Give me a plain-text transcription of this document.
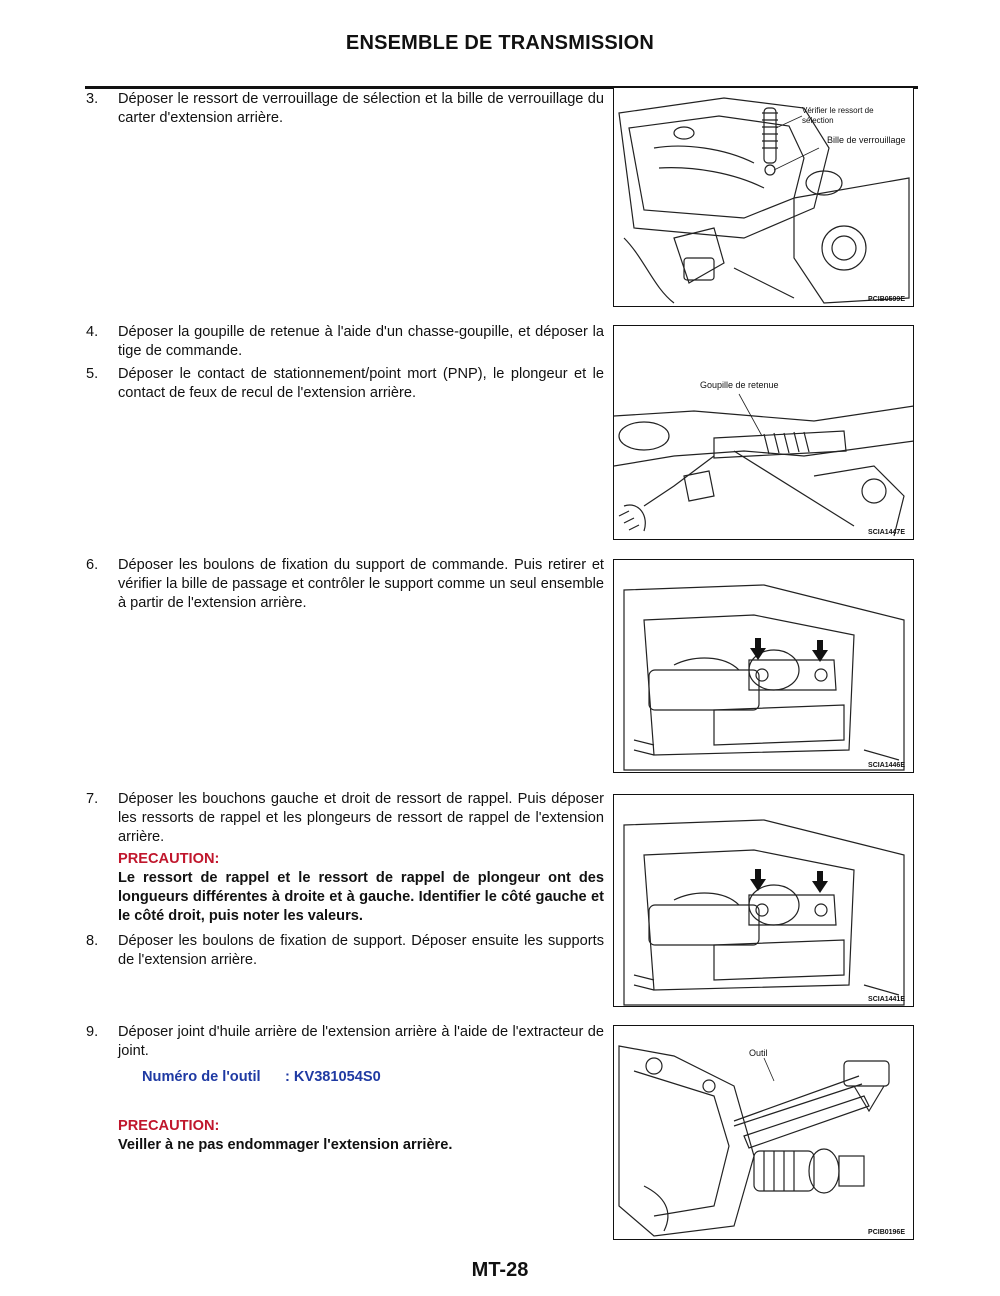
ENSEMBLE DE TRANSMISSION
3. Déposer le ressort de verrouillage de sélection et la bille de verrouillage du carter d'extension arrière.
4. Déposer la goupille de retenue à l'aide d'un chasse-goupille, et déposer la tige de commande.
5. Déposer le contact de stationnement/point mort (PNP), le plongeur et le contact de feux de recul de l'extension arrière.
6. Déposer les boulons de fixation du support de commande. Puis retirer et vérifier la bille de passage et contrôler le support comme un seul ensemble à partir de l'extension arrière.
7. Déposer les bouchons gauche et droit de ressort de rappel. Puis déposer les ressorts de rappel et les plongeurs de ressort de rappel de l'extension arrière.
PRECAUTION:
Le ressort de rappel et le ressort de rappel de plongeur ont des longueurs différentes à droite et à gauche. Identifier le côté gauche et le côté droit, puis noter les valeurs.
8. Déposer les boulons de fixation de support. Déposer ensuite les supports de l'extension arrière.
9. Déposer joint d'huile arrière de l'extension arrière à l'aide de l'extracteur de joint.
Numéro de l'outil : KV381054S0
PRECAUTION:
Veiller à ne pas endommager l'extension arrière.
Vérifier le ressort de sélection
Bille de verrouillage
PCIB0599E
Goupille de retenue
SCIA1447E
SCIA1446E
SCIA1441E
Outil
PCIB0196E
MT-28
